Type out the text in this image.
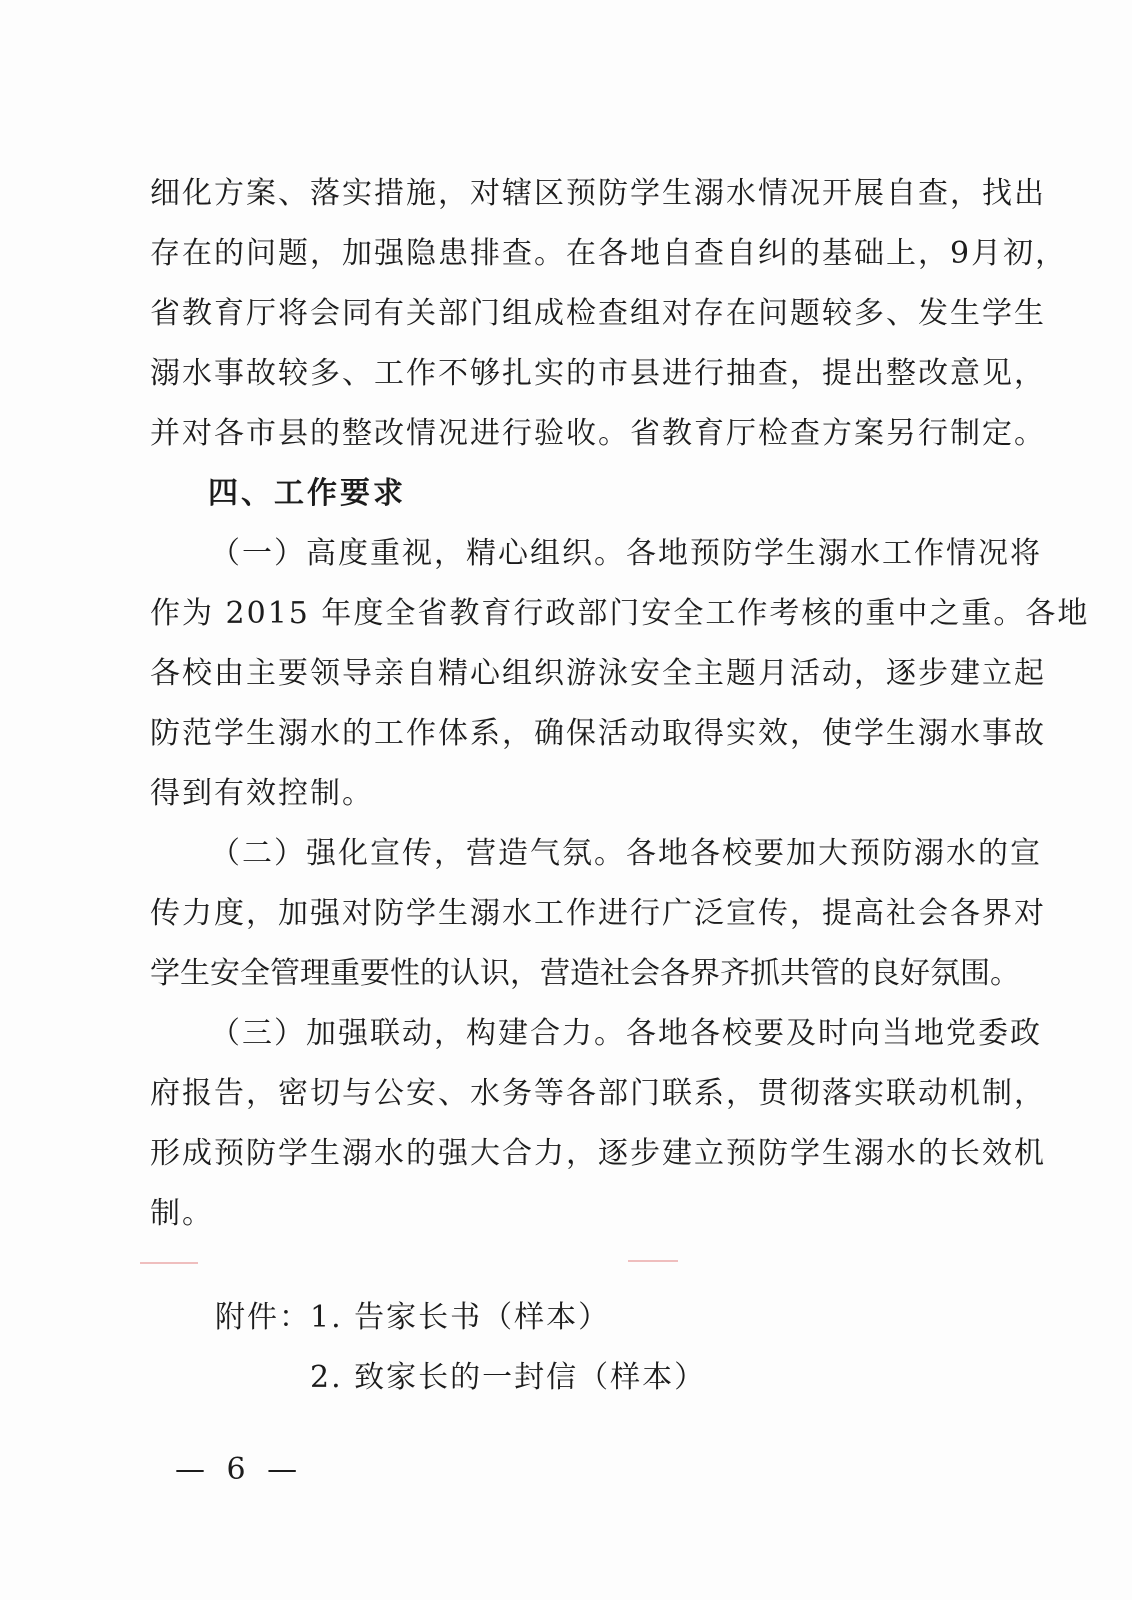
细化方案、落实措施，对辖区预防学生溺水情况开展自查，找出
存在的问题，加强隐患排查。在各地自查自纠的基础上，9月初，
省教育厅将会同有关部门组成检查组对存在问题较多、发生学生
溺水事故较多、工作不够扎实的市县进行抽查，提出整改意见，
并对各市县的整改情况进行验收。省教育厅检查方案另行制定。
四、工作要求
（一）高度重视，精心组织。各地预防学生溺水工作情况将
作为 2015 年度全省教育行政部门安全工作考核的重中之重。各地
各校由主要领导亲自精心组织游泳安全主题月活动，逐步建立起
防范学生溺水的工作体系，确保活动取得实效，使学生溺水事故
得到有效控制。
（二）强化宣传，营造气氛。各地各校要加大预防溺水的宣
传力度，加强对防学生溺水工作进行广泛宣传，提高社会各界对
学生安全管理重要性的认识，营造社会各界齐抓共管的良好氛围。
（三）加强联动，构建合力。各地各校要及时向当地党委政
府报告，密切与公安、水务等各部门联系，贯彻落实联动机制，
形成预防学生溺水的强大合力，逐步建立预防学生溺水的长效机
制。
附件： 1. 告家长书（样本）
2. 致家长的一封信（样本）
— 6 —
